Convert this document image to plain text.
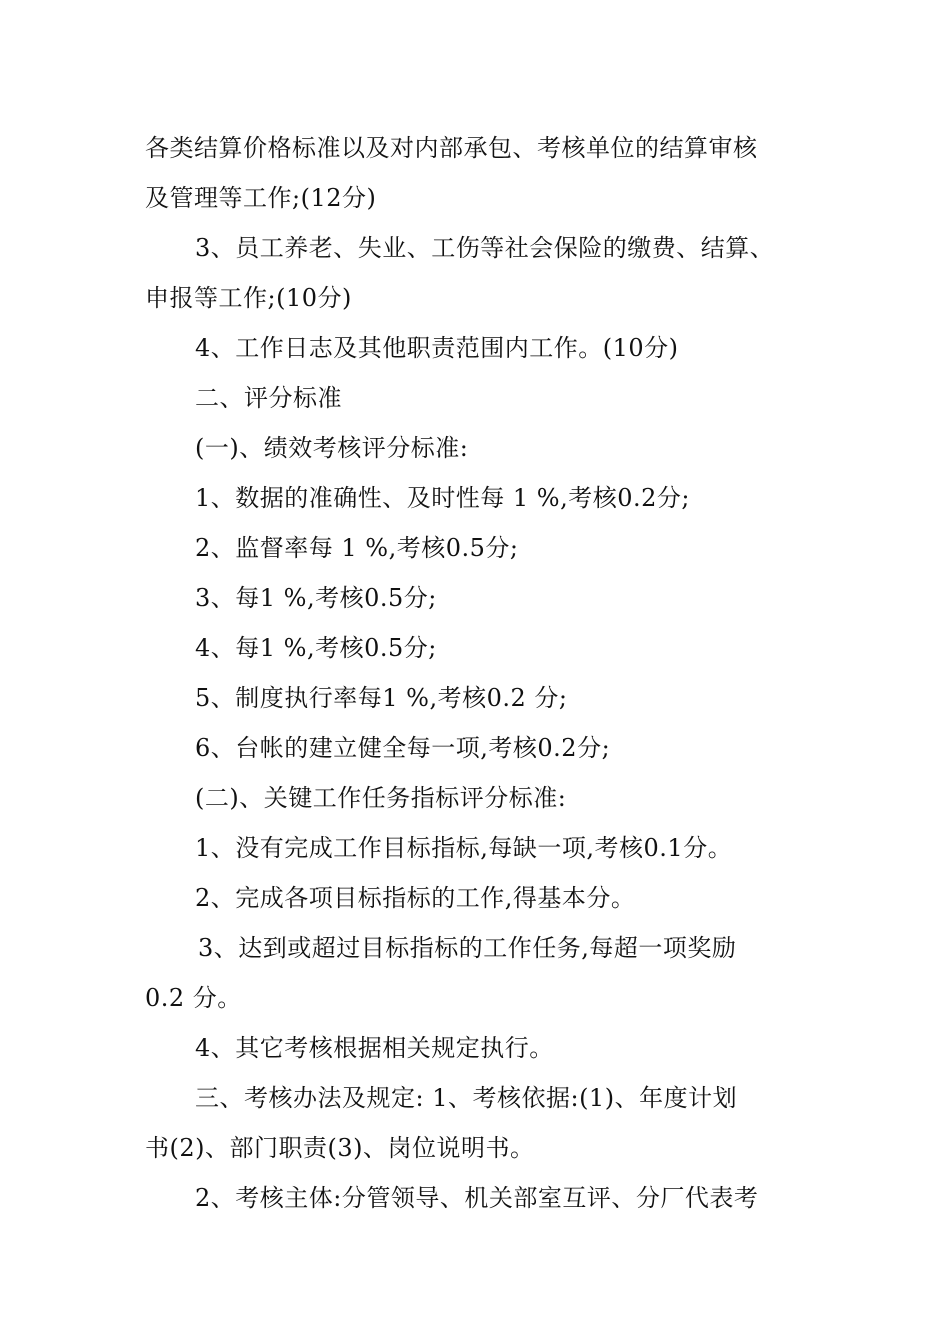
各类结算价格标准以及对内部承包、考核单位的结算审核
及管理等工作;(12分)
3、员工养老、失业、工伤等社会保险的缴费、结算、
申报等工作;(10分)
4、工作日志及其他职责范围内工作。(10分)
二、评分标准
(一)、绩效考核评分标准:
1、数据的准确性、及时性每 1 %,考核0.2分;
2、监督率每 1 %,考核0.5分;
3、每1 %,考核0.5分;
4、每1 %,考核0.5分;
5、制度执行率每1 %,考核0.2 分;
6、台帐的建立健全每一项,考核0.2分;
(二)、关键工作任务指标评分标准:
1、没有完成工作目标指标,每缺一项,考核0.1分。
2、完成各项目标指标的工作,得基本分。
3、达到或超过目标指标的工作任务,每超一项奖励
0.2 分。
4、其它考核根据相关规定执行。
三、考核办法及规定: 1、考核依据:(1)、年度计划
书(2)、部门职责(3)、岗位说明书。
2、考核主体:分管领导、机关部室互评、分厂代表考
